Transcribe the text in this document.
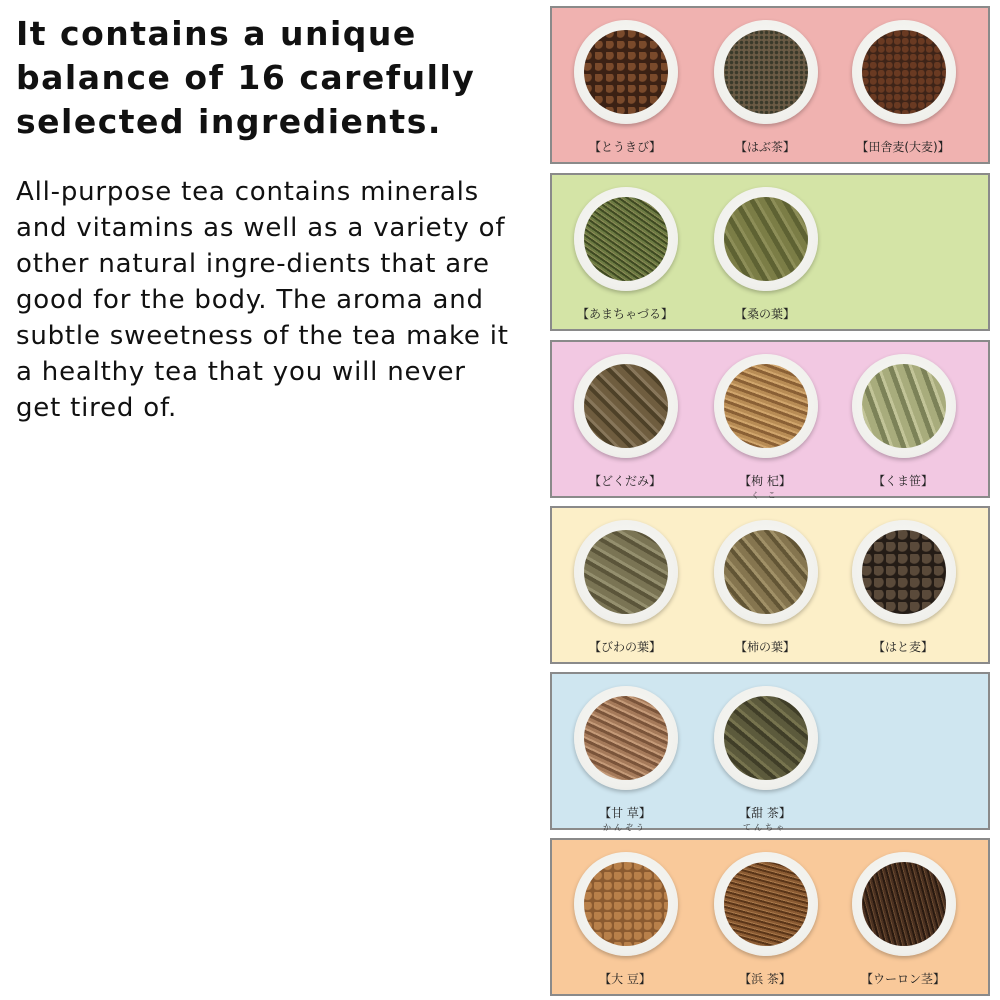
It contains a unique balance of 16 carefully selected ingredients.

All-purpose tea contains minerals and vitamins as well as a variety of other natural ingre-dients that are good for the body. The aroma and subtle sweetness of the tea make it a healthy tea that you will never get tired of.

【とうきび】	【はぶ茶】	【田舎麦(大麦)】
【あまちゃづる】	【桑の葉】
【どくだみ】	【枸 杞】
く こ
【くま笹】
【びわの葉】	【柿の葉】	【はと麦】
【甘 草】
かんぞう
【甜 茶】
てんちゃ
【大 豆】	【浜 茶】	【ウーロン茎】
